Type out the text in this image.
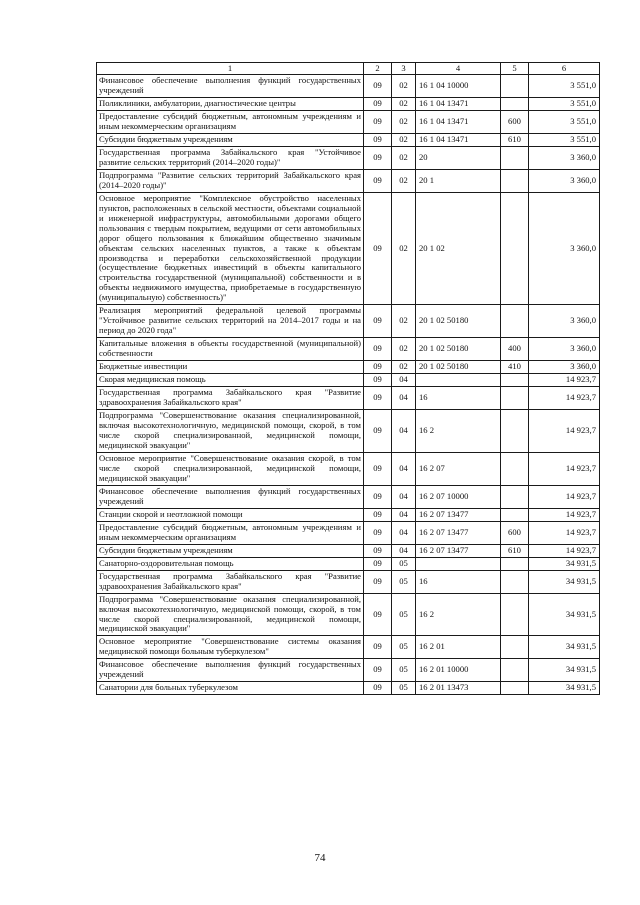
1	2	3	4	5	6
Финансовое обеспечение выполнения функций государственных учреждений	09	02	16 1 04 10000		3 551,0
Поликлиники, амбулатории, диагностические центры	09	02	16 1 04 13471		3 551,0
Предоставление субсидий бюджетным, автономным учреждениям и иным некоммерческим организациям	09	02	16 1 04 13471	600	3 551,0
Субсидии бюджетным учреждениям	09	02	16 1 04 13471	610	3 551,0
Государственная программа Забайкальского края "Устойчивое развитие сельских территорий (2014–2020 годы)"	09	02	20		3 360,0
Подпрограмма "Развитие сельских территорий Забайкальского края (2014–2020 годы)"	09	02	20 1		3 360,0
Основное мероприятие "Комплексное обустройство населенных пунктов, расположенных в сельской местности, объектами социальной и инженерной инфраструктуры, автомобильными дорогами общего пользования с твердым покрытием, ведущими от сети автомобильных дорог общего пользования к ближайшим общественно значимым объектам сельских населенных пунктов, а также к объектам производства и переработки сельскохозяйственной продукции (осуществление бюджетных инвестиций в объекты капитального строительства государственной (муниципальной) собственности и в объекты недвижимого имущества, приобретаемые в государственную (муниципальную) собственность)"	09	02	20 1 02		3 360,0
Реализация мероприятий федеральной целевой программы "Устойчивое развитие сельских территорий на 2014–2017 годы и на период до 2020 года"	09	02	20 1 02 50180		3 360,0
Капитальные вложения в объекты государственной (муниципальной) собственности	09	02	20 1 02 50180	400	3 360,0
Бюджетные инвестиции	09	02	20 1 02 50180	410	3 360,0
Скорая медицинская помощь	09	04			14 923,7
Государственная программа Забайкальского края "Развитие здравоохранения Забайкальского края"	09	04	16		14 923,7
Подпрограмма "Совершенствование оказания специализированной, включая высокотехнологичную, медицинской помощи, скорой, в том числе скорой специализированной, медицинской помощи, медицинской эвакуации"	09	04	16 2		14 923,7
Основное мероприятие "Совершенствование оказания скорой, в том числе скорой специализированной, медицинской помощи, медицинской эвакуации"	09	04	16 2 07		14 923,7
Финансовое обеспечение выполнения функций государственных учреждений	09	04	16 2 07 10000		14 923,7
Станции скорой и неотложной помощи	09	04	16 2 07 13477		14 923,7
Предоставление субсидий бюджетным, автономным учреждениям и иным некоммерческим организациям	09	04	16 2 07 13477	600	14 923,7
Субсидии бюджетным учреждениям	09	04	16 2 07 13477	610	14 923,7
Санаторно-оздоровительная помощь	09	05			34 931,5
Государственная программа Забайкальского края "Развитие здравоохранения Забайкальского края"	09	05	16		34 931,5
Подпрограмма "Совершенствование оказания специализированной, включая высокотехнологичную, медицинской помощи, скорой, в том числе скорой специализированной, медицинской помощи, медицинской эвакуации"	09	05	16 2		34 931,5
Основное мероприятие "Совершенствование системы оказания медицинской помощи больным туберкулезом"	09	05	16 2 01		34 931,5
Финансовое обеспечение выполнения функций государственных учреждений	09	05	16 2 01 10000		34 931,5
Санатории для больных туберкулезом	09	05	16 2 01 13473		34 931,5
74
